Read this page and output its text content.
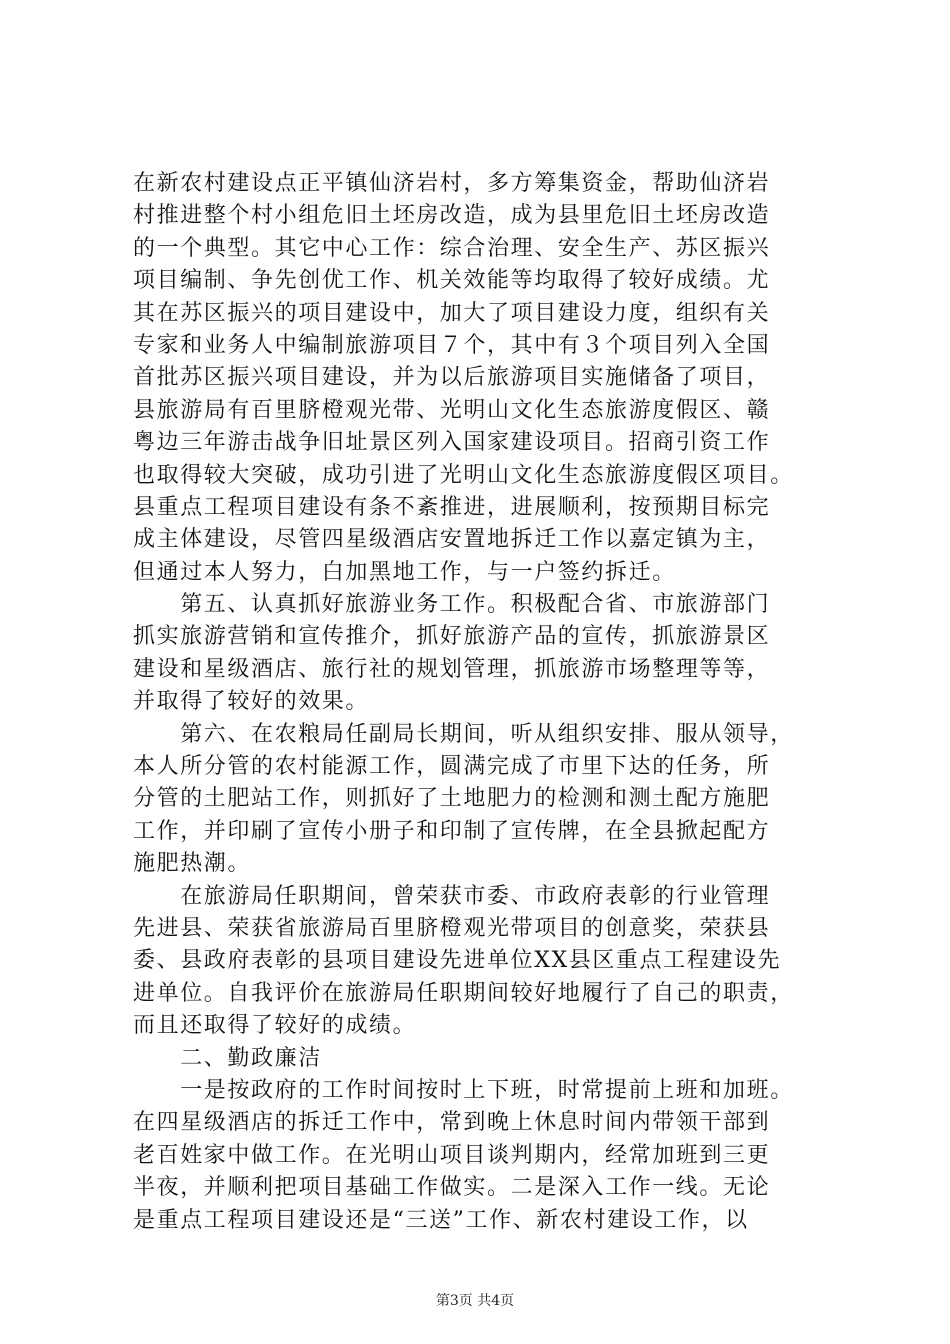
在新农村建设点正平镇仙济岩村，多方筹集资金，帮助仙济岩
村推进整个村小组危旧土坯房改造，成为县里危旧土坯房改造
的一个典型。其它中心工作：综合治理、安全生产、苏区振兴
项目编制、争先创优工作、机关效能等均取得了较好成绩。尤
其在苏区振兴的项目建设中，加大了项目建设力度，组织有关
专家和业务人中编制旅游项目７个，其中有３个项目列入全国
首批苏区振兴项目建设，并为以后旅游项目实施储备了项目，
县旅游局有百里脐橙观光带、光明山文化生态旅游度假区、赣
粤边三年游击战争旧址景区列入国家建设项目。招商引资工作
也取得较大突破，成功引进了光明山文化生态旅游度假区项目。
县重点工程项目建设有条不紊推进，进展顺利，按预期目标完
成主体建设，尽管四星级酒店安置地拆迁工作以嘉定镇为主，
但通过本人努力，白加黑地工作，与一户签约拆迁。
　　第五、认真抓好旅游业务工作。积极配合省、市旅游部门
抓实旅游营销和宣传推介，抓好旅游产品的宣传，抓旅游景区
建设和星级酒店、旅行社的规划管理，抓旅游市场整理等等，
并取得了较好的效果。
　　第六、在农粮局任副局长期间，听从组织安排、服从领导，
本人所分管的农村能源工作，圆满完成了市里下达的任务，所
分管的土肥站工作，则抓好了土地肥力的检测和测土配方施肥
工作，并印刷了宣传小册子和印制了宣传牌，在全县掀起配方
施肥热潮。
　　在旅游局任职期间，曾荣获市委、市政府表彰的行业管理
先进县、荣获省旅游局百里脐橙观光带项目的创意奖，荣获县
委、县政府表彰的县项目建设先进单位XX县区重点工程建设先
进单位。自我评价在旅游局任职期间较好地履行了自己的职责，
而且还取得了较好的成绩。
　　二、勤政廉洁
　　一是按政府的工作时间按时上下班，时常提前上班和加班。
在四星级酒店的拆迁工作中，常到晚上休息时间内带领干部到
老百姓家中做工作。在光明山项目谈判期内，经常加班到三更
半夜，并顺利把项目基础工作做实。二是深入工作一线。无论
是重点工程项目建设还是“三送”工作、新农村建设工作，以
第3页 共4页
